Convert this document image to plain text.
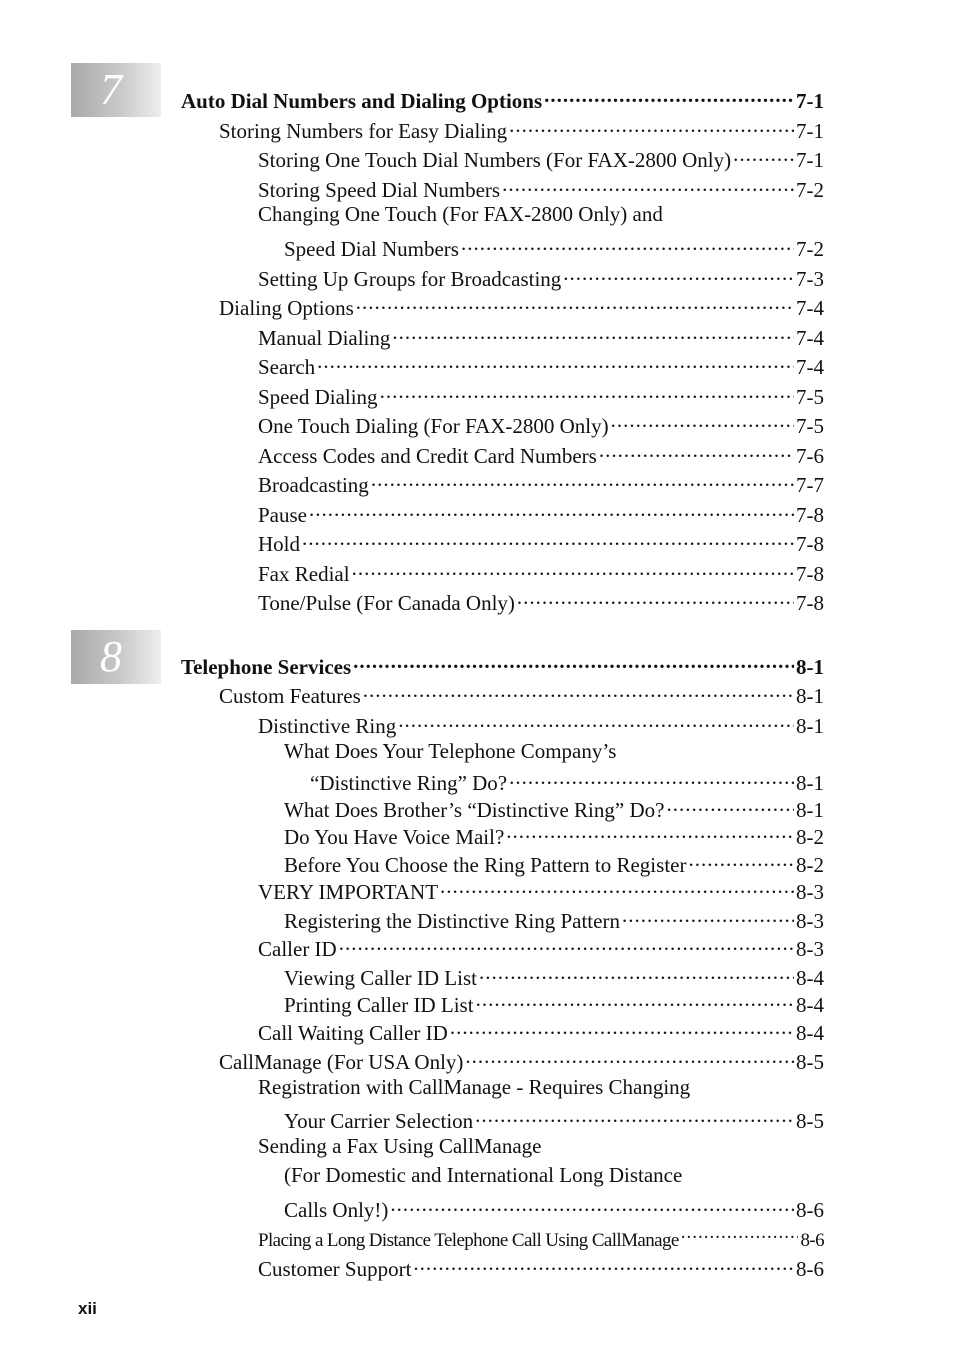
7
8
Auto Dial Numbers and Dialing Options .....	7-1
Storing Numbers for Easy Dialing .....	7-1
Storing One Touch Dial Numbers (For FAX-2800 Only) .....	7-1
Storing Speed Dial Numbers .....	7-2
Changing One Touch (For FAX-2800 Only) and
Speed Dial Numbers .....	7-2
Setting Up Groups for Broadcasting .....	7-3
Dialing Options .....	7-4
Manual Dialing .....	7-4
Search .....	7-4
Speed Dialing .....	7-5
One Touch Dialing (For FAX-2800 Only) .....	7-5
Access Codes and Credit Card Numbers .....	7-6
Broadcasting .....	7-7
Pause .....	7-8
Hold .....	7-8
Fax Redial .....	7-8
Tone/Pulse (For Canada Only) .....	7-8
Telephone Services .....	8-1
Custom Features .....	8-1
Distinctive Ring .....	8-1
What Does Your Telephone Company’s
“Distinctive Ring” Do? .....	8-1
What Does Brother’s “Distinctive Ring” Do? .....	8-1
Do You Have Voice Mail? .....	8-2
Before You Choose the Ring Pattern to Register .....	8-2
VERY IMPORTANT .....	8-3
Registering the Distinctive Ring Pattern .....	8-3
Caller ID .....	8-3
Viewing Caller ID List .....	8-4
Printing Caller ID List .....	8-4
Call Waiting Caller ID .....	8-4
CallManage (For USA Only) .....	8-5
Registration with CallManage - Requires Changing
Your Carrier Selection .....	8-5
Sending a Fax Using CallManage
(For Domestic and International Long Distance
Calls Only!) .....	8-6
Placing a Long Distance Telephone Call Using CallManage .....	8-6
Customer Support .....	8-6
xii
